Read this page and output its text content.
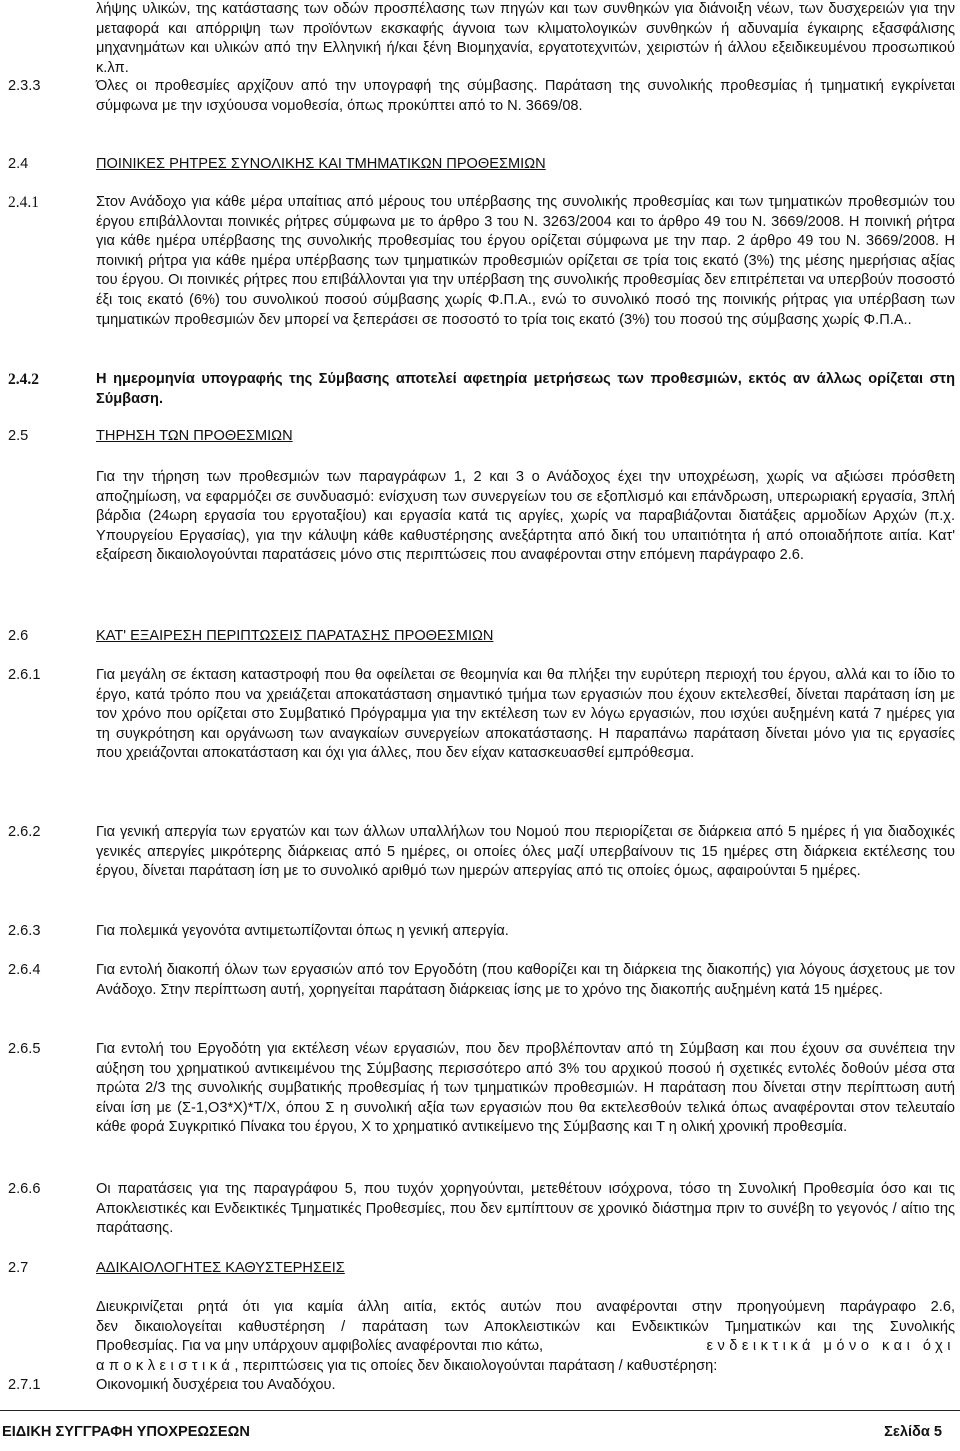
λήψης υλικών, της κατάστασης των οδών προσπέλασης των πηγών και των συνθηκών για διάνοιξη νέων, των δυσχερειών για την μεταφορά και απόρριψη των προϊόντων εκσκαφής άγνοια των κλιματολογικών συνθηκών ή αδυναμία έγκαιρης εξασφάλισης μηχανημάτων και υλικών από την Ελληνική ή/και ξένη Βιομηχανία, εργατοτεχνιτών, χειριστών ή άλλου εξειδικευμένου προσωπικού κ.λπ.
2.3.3	Όλες οι προθεσμίες αρχίζουν από την υπογραφή της σύμβασης. Παράταση της συνολικής προθεσμίας ή τμηματική εγκρίνεται σύμφωνα με την ισχύουσα νομοθεσία, όπως προκύπτει από το Ν. 3669/08.
2.4	ΠΟΙΝΙΚΕΣ ΡΗΤΡΕΣ ΣΥΝΟΛΙΚΗΣ ΚΑΙ ΤΜΗΜΑΤΙΚΩΝ ΠΡΟΘΕΣΜΙΩΝ
2.4.1	Στον Ανάδοχο για κάθε μέρα υπαίτιας από μέρους του υπέρβασης της συνολικής προθεσμίας και των τμηματικών προθεσμιών του έργου επιβάλλονται ποινικές ρήτρες σύμφωνα με το άρθρο 3 του Ν. 3263/2004 και το άρθρο 49 του Ν. 3669/2008. Η ποινική ρήτρα για κάθε ημέρα υπέρβασης της συνολικής προθεσμίας του έργου ορίζεται σύμφωνα με την παρ. 2 άρθρο 49 του Ν. 3669/2008. Η ποινική ρήτρα για κάθε ημέρα υπέρβασης των τμηματικών προθεσμιών ορίζεται σε τρία τοις εκατό (3%) της μέσης ημερήσιας αξίας του έργου. Οι ποινικές ρήτρες που επιβάλλονται για την υπέρβαση της συνολικής προθεσμίας δεν επιτρέπεται να υπερβούν ποσοστό έξι τοις εκατό (6%) του συνολικού ποσού σύμβασης χωρίς Φ.Π.Α., ενώ το συνολικό ποσό της ποινικής ρήτρας για υπέρβαση των τμηματικών προθεσμιών δεν μπορεί να ξεπεράσει σε ποσοστό το τρία τοις εκατό (3%) του ποσού της σύμβασης χωρίς Φ.Π.Α..
2.4.2	Η ημερομηνία υπογραφής της Σύμβασης αποτελεί αφετηρία μετρήσεως των προθεσμιών, εκτός αν άλλως ορίζεται στη Σύμβαση.
2.5	ΤΗΡΗΣΗ ΤΩΝ ΠΡΟΘΕΣΜΙΩΝ
Για την τήρηση των προθεσμιών των παραγράφων 1, 2 και 3 ο Ανάδοχος έχει την υποχρέωση, χωρίς να αξιώσει πρόσθετη αποζημίωση, να εφαρμόζει σε συνδυασμό: ενίσχυση των συνεργείων του σε εξοπλισμό και επάνδρωση, υπερωριακή εργασία, 3πλή βάρδια (24ωρη εργασία του εργοταξίου) και εργασία κατά τις αργίες, χωρίς να παραβιάζονται διατάξεις αρμοδίων Αρχών (π.χ. Υπουργείου Εργασίας), για την κάλυψη κάθε καθυστέρησης ανεξάρτητα από δική του υπαιτιότητα ή από οποιαδήποτε αιτία. Κατ' εξαίρεση δικαιολογούνται παρατάσεις μόνο στις περιπτώσεις που αναφέρονται στην επόμενη παράγραφο 2.6.
2.6	ΚΑΤ' ΕΞΑΙΡΕΣΗ ΠΕΡΙΠΤΩΣΕΙΣ ΠΑΡΑΤΑΣΗΣ ΠΡΟΘΕΣΜΙΩΝ
2.6.1	Για μεγάλη σε έκταση καταστροφή που θα οφείλεται σε θεομηνία και θα πλήξει την ευρύτερη περιοχή του έργου, αλλά και το ίδιο το έργο, κατά τρόπο που να χρειάζεται αποκατάσταση σημαντικό τμήμα των εργασιών που έχουν εκτελεσθεί, δίνεται παράταση ίση με τον χρόνο που ορίζεται στο Συμβατικό Πρόγραμμα για την εκτέλεση των εν λόγω εργασιών, που ισχύει αυξημένη κατά 7 ημέρες για τη συγκρότηση και οργάνωση των αναγκαίων συνεργείων αποκατάστασης. Η παραπάνω παράταση δίνεται μόνο για τις εργασίες που χρειάζονται αποκατάσταση και όχι για άλλες, που δεν είχαν κατασκευασθεί εμπρόθεσμα.
2.6.2	Για γενική απεργία των εργατών και των άλλων υπαλλήλων του Νομού που περιορίζεται σε διάρκεια από 5 ημέρες ή για διαδοχικές γενικές απεργίες μικρότερης διάρκειας από 5 ημέρες, οι οποίες όλες μαζί υπερβαίνουν τις 15 ημέρες στη διάρκεια εκτέλεσης του έργου, δίνεται παράταση ίση με το συνολικό αριθμό των ημερών απεργίας από τις οποίες όμως, αφαιρούνται 5 ημέρες.
2.6.3	Για πολεμικά γεγονότα αντιμετωπίζονται όπως η γενική απεργία.
2.6.4	Για εντολή διακοπή όλων των εργασιών από τον Εργοδότη (που καθορίζει και τη διάρκεια της διακοπής) για λόγους άσχετους με τον Ανάδοχο. Στην περίπτωση αυτή, χορηγείται παράταση διάρκειας ίσης με το χρόνο της διακοπής αυξημένη κατά 15 ημέρες.
2.6.5	Για εντολή του Εργοδότη για εκτέλεση νέων εργασιών, που δεν προβλέπονταν από τη Σύμβαση και που έχουν σα συνέπεια την αύξηση του χρηματικού αντικειμένου της Σύμβασης περισσότερο από 3% του αρχικού ποσού ή σχετικές εντολές δοθούν μέσα στα πρώτα 2/3 της συνολικής συμβατικής προθεσμίας ή των τμηματικών προθεσμιών. Η παράταση που δίνεται στην περίπτωση αυτή είναι ίση με (Σ-1,Ο3*Χ)*Τ/Χ, όπου Σ η συνολική αξία των εργασιών που θα εκτελεσθούν τελικά όπως αναφέρονται στον τελευταίο κάθε φορά Συγκριτικό Πίνακα του έργου, Χ το χρηματικό αντικείμενο της Σύμβασης και Τ η ολική χρονική προθεσμία.
2.6.6	Οι παρατάσεις για της παραγράφου 5, που τυχόν χορηγούνται, μετεθέτουν ισόχρονα, τόσο τη Συνολική Προθεσμία όσο και τις Αποκλειστικές και Ενδεικτικές Τμηματικές Προθεσμίες, που δεν εμπίπτουν σε χρονικό διάστημα πριν το συνέβη το γεγονός / αίτιο της παράτασης.
2.7	ΑΔΙΚΑΙΟΛΟΓΗΤΕΣ ΚΑΘΥΣΤΕΡΗΣΕΙΣ
Διευκρινίζεται ρητά ότι για καμία άλλη αιτία, εκτός αυτών που αναφέρονται στην προηγούμενη παράγραφο 2.6,
δεν δικαιολογείται καθυστέρηση / παράταση των Αποκλειστικών και Ενδεικτικών Τμηματικών και της Συνολικής
Προθεσμίας. Για να μην υπάρχουν αμφιβολίες αναφέρονται πιο κάτω,	ενδεικτικά μόνο και όχι
αποκλειστικά, περιπτώσεις για τις οποίες δεν δικαιολογούνται παράταση / καθυστέρηση:
2.7.1	Οικονομική δυσχέρεια του Αναδόχου.
ΕΙΔΙΚΗ ΣΥΓΓΡΑΦΗ ΥΠΟΧΡΕΩΣΕΩΝ	Σελίδα 5
